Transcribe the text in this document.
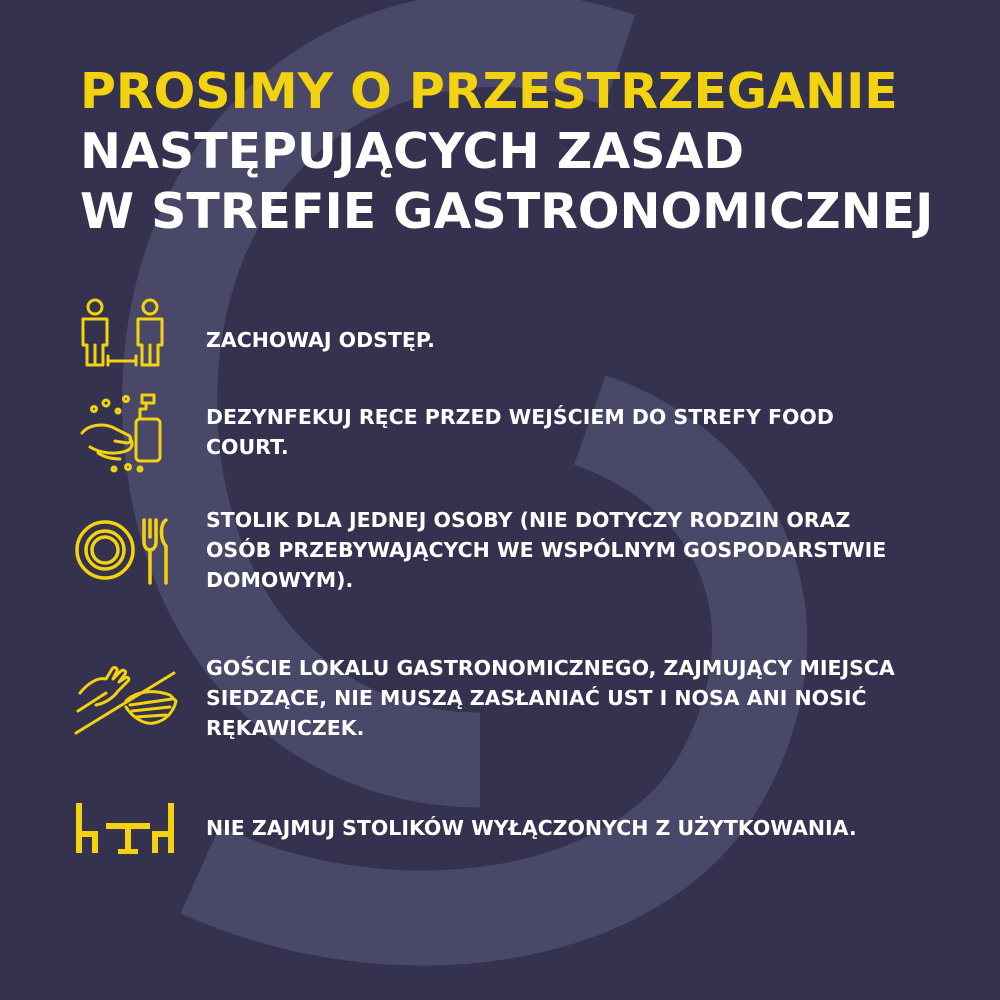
PROSIMY O PRZESTRZEGANIE
NASTĘPUJĄCYCH ZASAD
W STREFIE GASTRONOMICZNEJ
ZACHOWAJ ODSTĘP.
DEZYNFEKUJ RĘCE PRZED WEJŚCIEM DO STREFY FOOD COURT.
STOLIK DLA JEDNEJ OSOBY (NIE DOTYCZY RODZIN ORAZ OSÓB PRZEBYWAJĄCYCH WE WSPÓLNYM GOSPODARSTWIE DOMOWYM).
GOŚCIE LOKALU GASTRONOMICZNEGO, ZAJMUJĄCY MIEJSCA SIEDZĄCE, NIE MUSZĄ ZASŁANIAĆ UST I NOSA ANI NOSIĆ RĘKAWICZEK.
NIE ZAJMUJ STOLIKÓW WYŁĄCZONYCH Z UŻYTKOWANIA.
